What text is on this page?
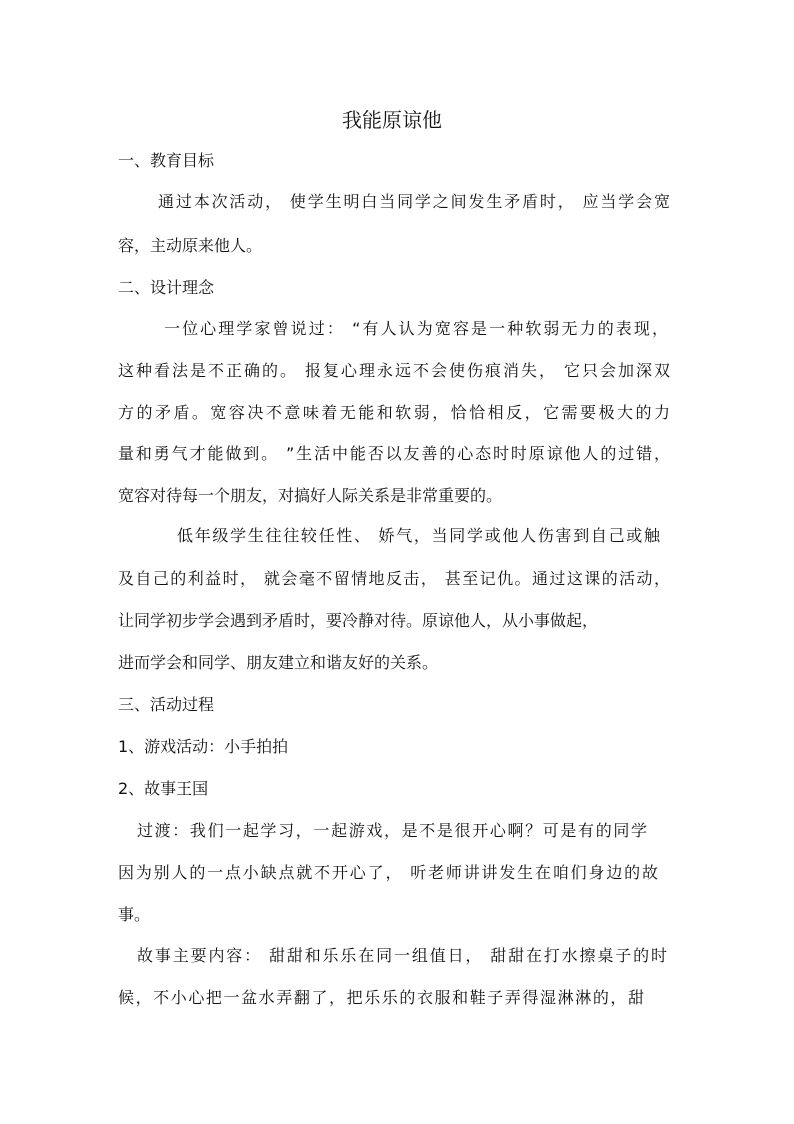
我能原谅他
一、教育目标
通过本次活动， 使学生明白当同学之间发生矛盾时， 应当学会宽
容，主动原来他人。
二、设计理念
一位心理学家曾说过： “有人认为宽容是一种软弱无力的表现，
这种看法是不正确的。 报复心理永远不会使伤痕消失， 它只会加深双
方的矛盾。宽容决不意味着无能和软弱，恰恰相反，它需要极大的力
量和勇气才能做到。 ”生活中能否以友善的心态时时原谅他人的过错，
宽容对待每一个朋友，对搞好人际关系是非常重要的。
低年级学生往往较任性、 娇气，当同学或他人伤害到自己或触
及自己的利益时， 就会毫不留情地反击， 甚至记仇。通过这课的活动，
让同学初步学会遇到矛盾时，要冷静对待。原谅他人，从小事做起，
进而学会和同学、朋友建立和谐友好的关系。
三、活动过程
1、游戏活动：小手拍拍
2、故事王国
过渡：我们一起学习，一起游戏，是不是很开心啊？可是有的同学
因为别人的一点小缺点就不开心了， 听老师讲讲发生在咱们身边的故
事。
故事主要内容： 甜甜和乐乐在同一组值日， 甜甜在打水擦桌子的时
候，不小心把一盆水弄翻了，把乐乐的衣服和鞋子弄得湿淋淋的，甜
